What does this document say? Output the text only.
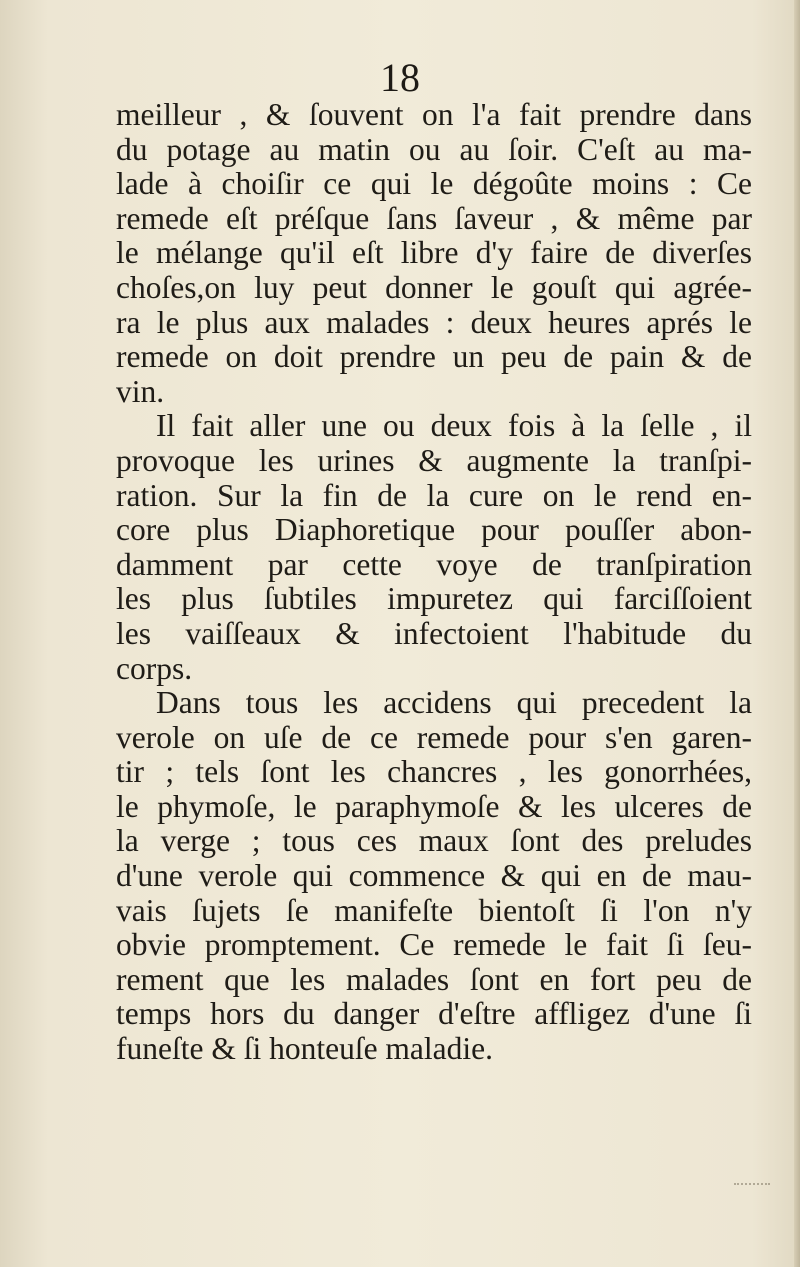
18
meilleur , & ſouvent on l'a fait prendre dans
du potage au matin ou au ſoir. C'eſt au ma-
lade à choiſir ce qui le dégoûte moins : Ce
remede eſt préſque ſans ſaveur , & même par
le mélange qu'il eſt libre d'y faire de diverſes
choſes,on luy peut donner le gouſt qui agrée-
ra le plus aux malades : deux heures aprés le
remede on doit prendre un peu de pain & de
vin.
Il fait aller une ou deux fois à la ſelle , il
provoque les urines & augmente la tranſpi-
ration. Sur la fin de la cure on le rend en-
core plus Diaphoretique pour pouſſer abon-
damment par cette voye de tranſpiration
les plus ſubtiles impuretez qui farciſſoient
les vaiſſeaux & infectoient l'habitude du
corps.
Dans tous les accidens qui precedent la
verole on uſe de ce remede pour s'en garen-
tir ; tels ſont les chancres , les gonorrhées,
le phymoſe, le paraphymoſe & les ulceres de
la verge ; tous ces maux ſont des preludes
d'une verole qui commence & qui en de mau-
vais ſujets ſe manifeſte bientoſt ſi l'on n'y
obvie promptement. Ce remede le fait ſi ſeu-
rement que les malades ſont en fort peu de
temps hors du danger d'eſtre affligez d'une ſi
funeſte & ſi honteuſe maladie.
